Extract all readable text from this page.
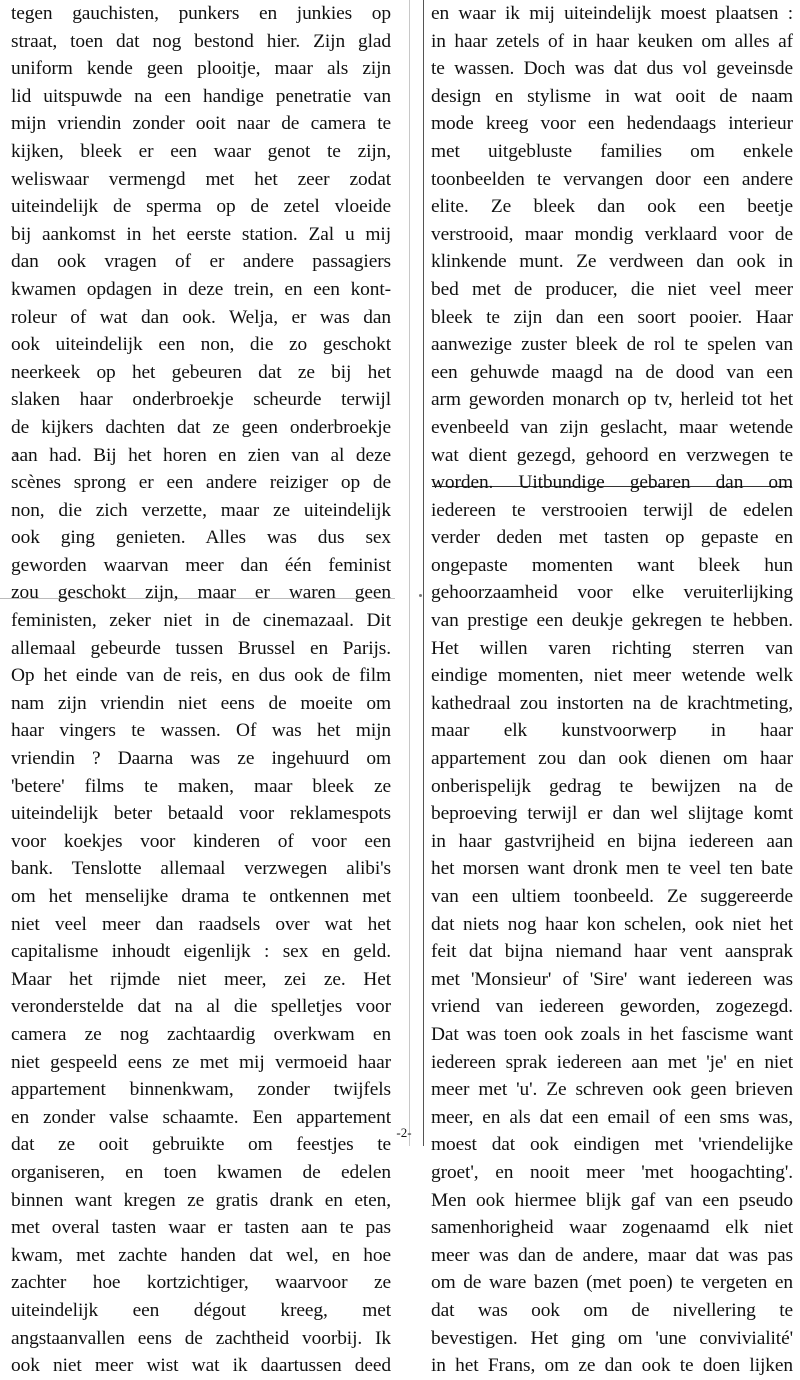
tegen gauchisten, punkers en junkies op
straat, toen dat nog bestond hier. Zijn glad
uniform kende geen plooitje, maar als zijn
lid uitspuwde na een handige penetratie van
mijn vriendin zonder ooit naar de camera te
kijken, bleek er een waar genot te zijn,
weliswaar vermengd met het zeer zodat
uiteindelijk de sperma op de zetel vloeide
bij aankomst in het eerste station. Zal u mij
dan ook vragen of er andere passagiers
kwamen opdagen in deze trein, en een kont-
roleur of wat dan ook. Welja, er was dan
ook uiteindelijk een non, die zo geschokt
neerkeek op het gebeuren dat ze bij het
slaken haar onderbroekje scheurde terwijl
de kijkers dachten dat ze geen onderbroekje
aan had. Bij het horen en zien van al deze
scènes sprong er een andere reiziger op de
non, die zich verzette, maar ze uiteindelijk
ook ging genieten. Alles was dus sex
geworden waarvan meer dan één feminist
zou geschokt zijn, maar er waren geen
feministen, zeker niet in de cinemazaal. Dit
allemaal gebeurde tussen Brussel en Parijs.
Op het einde van de reis, en dus ook de film
nam zijn vriendin niet eens de moeite om
haar vingers te wassen. Of was het mijn
vriendin ? Daarna was ze ingehuurd om
'betere' films te maken, maar bleek ze
uiteindelijk beter betaald voor reklamespots
voor koekjes voor kinderen of voor een
bank. Tenslotte allemaal verzwegen alibi's
om het menselijke drama te ontkennen met
niet veel meer dan raadsels over wat het
capitalisme inhoudt eigenlijk : sex en geld.
Maar het rijmde niet meer, zei ze. Het
veronderstelde dat na al die spelletjes voor
camera ze nog zachtaardig overkwam en
niet gespeeld eens ze met mij vermoeid haar
appartement binnenkwam, zonder twijfels
en zonder valse schaamte. Een appartement
dat ze ooit gebruikte om feestjes te
organiseren, en toen kwamen de edelen
binnen want kregen ze gratis drank en eten,
met overal tasten waar er tasten aan te pas
kwam, met zachte handen dat wel, en hoe
zachter hoe kortzichtiger, waarvoor ze
uiteindelijk een dégout kreeg, met
angstaanvallen eens de zachtheid voorbij. Ik
ook niet meer wist wat ik daartussen deed
en waar ik mij uiteindelijk moest plaatsen :
in haar zetels of in haar keuken om alles af
te wassen. Doch was dat dus vol geveinsde
design en stylisme in wat ooit de naam
mode kreeg voor een hedendaags interieur
met uitgebluste families om enkele
toonbeelden te vervangen door een andere
elite. Ze bleek dan ook een beetje
verstrooid, maar mondig verklaard voor de
klinkende munt. Ze verdween dan ook in
bed met de producer, die niet veel meer
bleek te zijn dan een soort pooier. Haar
aanwezige zuster bleek de rol te spelen van
een gehuwde maagd na de dood van een
arm geworden monarch op tv, herleid tot het
evenbeeld van zijn geslacht, maar wetende
wat dient gezegd, gehoord en verzwegen te
worden. Uitbundige gebaren dan om
iedereen te verstrooien terwijl de edelen
verder deden met tasten op gepaste en
ongepaste momenten want bleek hun
gehoorzaamheid voor elke veruiterlijking
van prestige een deukje gekregen te hebben.
Het willen varen richting sterren van
eindige momenten, niet meer wetende welk
kathedraal zou instorten na de krachtmeting,
maar elk kunstvoorwerp in haar
appartement zou dan ook dienen om haar
onberispelijk gedrag te bewijzen na de
beproeving terwijl er dan wel slijtage komt
in haar gastvrijheid en bijna iedereen aan
het morsen want dronk men te veel ten bate
van een ultiem toonbeeld. Ze suggereerde
dat niets nog haar kon schelen, ook niet het
feit dat bijna niemand haar vent aansprak
met 'Monsieur' of 'Sire' want iedereen was
vriend van iedereen geworden, zogezegd.
Dat was toen ook zoals in het fascisme want
iedereen sprak iedereen aan met 'je' en niet
meer met 'u'. Ze schreven ook geen brieven
meer, en als dat een email of een sms was,
moest dat ook eindigen met 'vriendelijke
groet', en nooit meer 'met hoogachting'.
Men ook hiermee blijk gaf van een pseudo
samenhorigheid waar zogenaamd elk niet
meer was dan de andere, maar dat was pas
om de ware bazen (met poen) te vergeten en
dat was ook om de nivellering te
bevestigen. Het ging om 'une convivialité'
in het Frans, om ze dan ook te doen lijken
-2-
